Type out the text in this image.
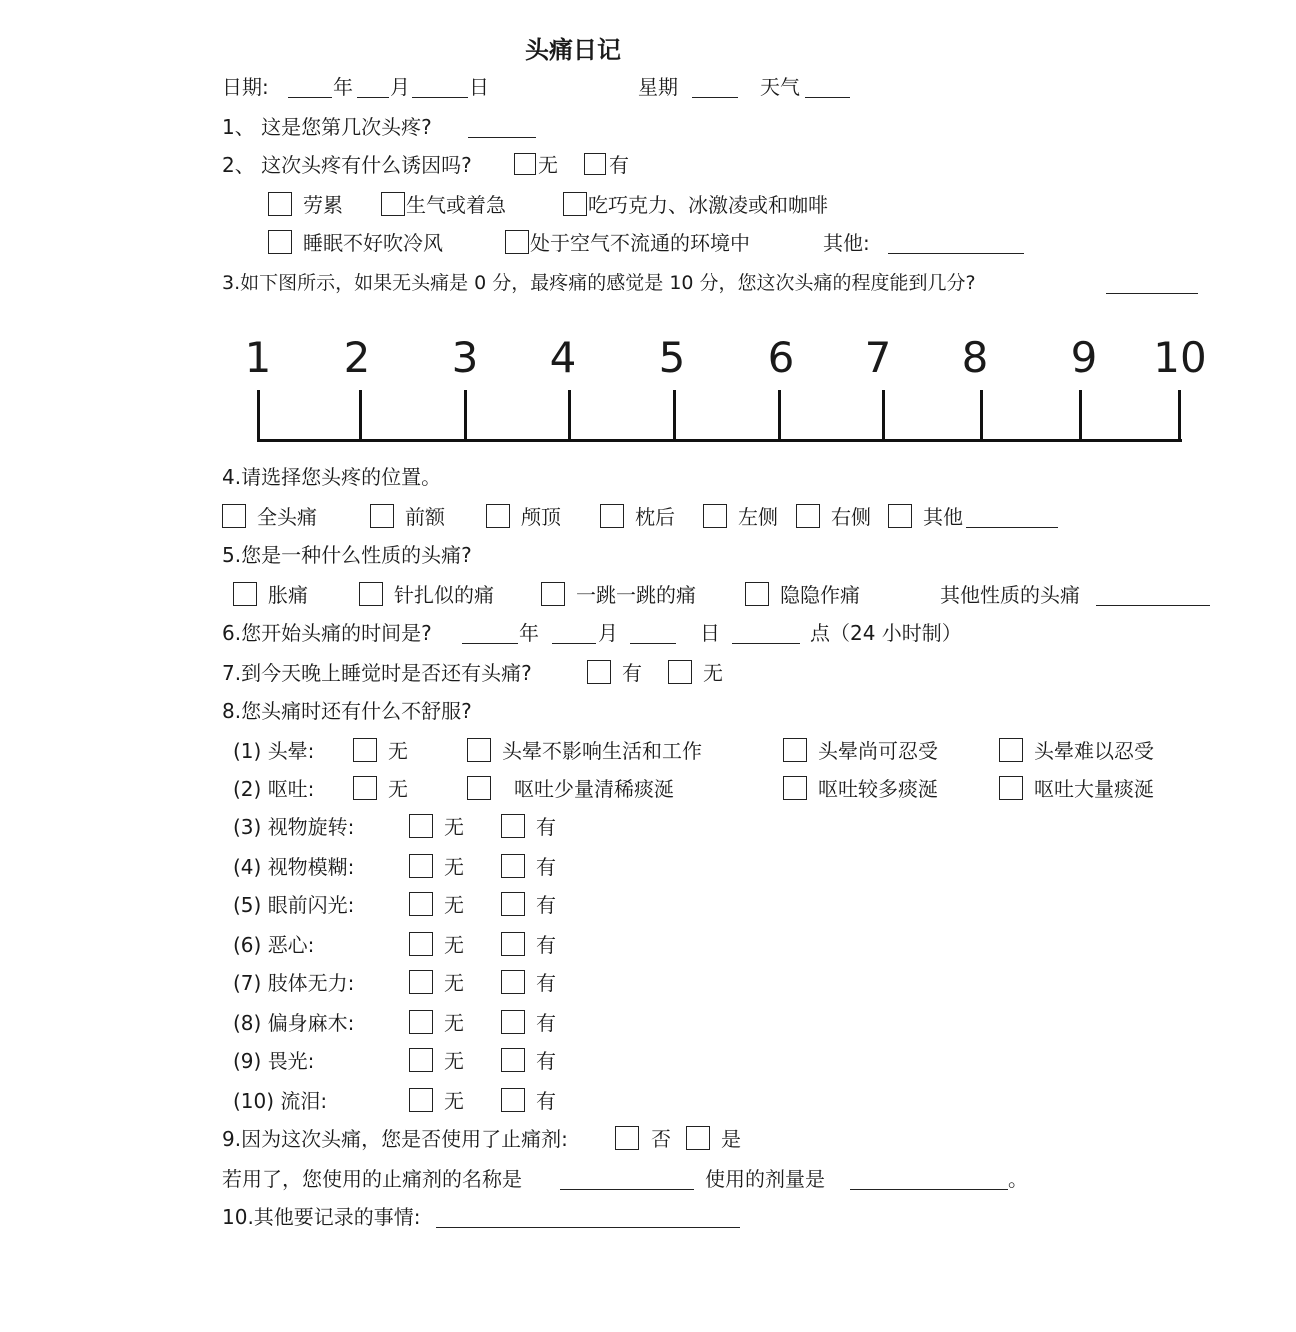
头痛日记
日期:	年 月	日	星期	天气
1、 这是您第几次头疼?
2、 这次头疼有什么诱因吗?	无	有
劳累	生气或着急	吃巧克力、冰激凌或和咖啡
睡眠不好吹冷风	处于空气不流通的环境中	其他:
3.如下图所示，如果无头痛是 0 分，最疼痛的感觉是 10 分，您这次头痛的程度能到几分?
1 2 3 4 5 6 7 8 9 10
4.请选择您头疼的位置。
全头痛	前额	颅顶	枕后	左侧	右侧	其他
5.您是一种什么性质的头痛?
胀痛	针扎似的痛	一跳一跳的痛	隐隐作痛	其他性质的头痛
6.您开始头痛的时间是?	年	月	日	点（24 小时制）
7.到今天晚上睡觉时是否还有头痛?	有	无
8.您头痛时还有什么不舒服?
(1) 头晕:	无	头晕不影响生活和工作	头晕尚可忍受	头晕难以忍受
(2) 呕吐:	无	呕吐少量清稀痰涎	呕吐较多痰涎	呕吐大量痰涎
9.因为这次头痛，您是否使用了止痛剂:	否	是
若用了，您使用的止痛剂的名称是	使用的剂量是	。
10.其他要记录的事情:
(3) 视物旋转:	无	有
(4) 视物模糊:	无	有
(5) 眼前闪光:	无	有
(6) 恶心:	无	有
(7) 肢体无力:	无	有
(8) 偏身麻木:	无	有
(9) 畏光:	无	有
(10) 流泪:	无	有
